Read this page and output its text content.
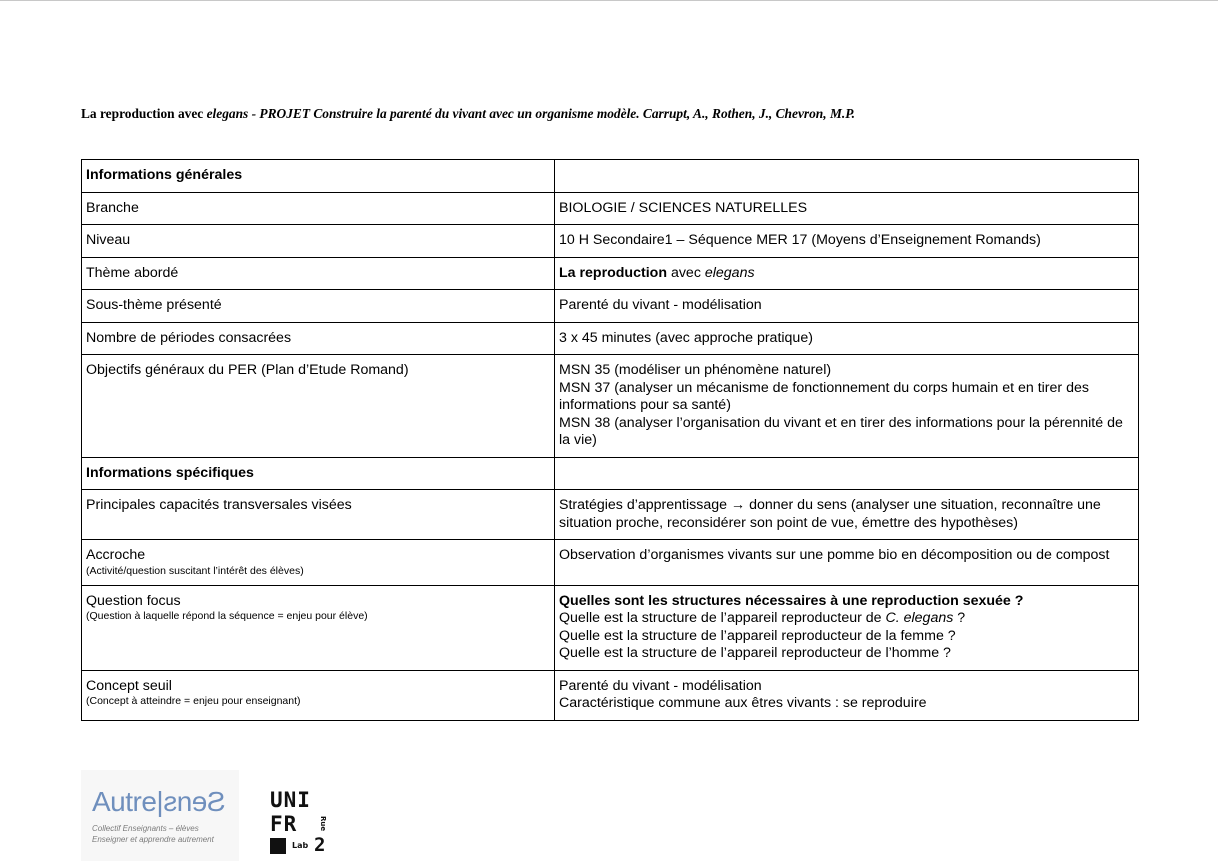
La reproduction avec elegans - PROJET Construire la parenté du vivant avec un organisme modèle. Carrupt, A., Rothen, J., Chevron, M.P.
Informations générales	
Branche	BIOLOGIE / SCIENCES NATURELLES
Niveau	10 H Secondaire1 – Séquence MER 17 (Moyens d’Enseignement Romands)
Thème abordé	La reproduction avec elegans
Sous-thème présenté	Parenté du vivant - modélisation
Nombre de périodes consacrées	3 x 45 minutes (avec approche pratique)
Objectifs généraux du PER (Plan d’Etude Romand)	MSN 35 (modéliser un phénomène naturel)
MSN 37 (analyser un mécanisme de fonctionnement du corps humain et en tirer des informations pour sa santé)
MSN 38 (analyser l’organisation du vivant et en tirer des informations pour la pérennité de la vie)

Informations spécifiques	
Principales capacités transversales visées	Stratégies d’apprentissage → donner du sens (analyser une situation, reconnaître une situation proche, reconsidérer son point de vue, émettre des hypothèses)

Accroche
(Activité/question suscitant l’intérêt des élèves)	Observation d’organismes vivants sur une pomme bio en décomposition ou de compost

Question focus
(Question à laquelle répond la séquence = enjeu pour élève)	Quelles sont les structures nécessaires à une reproduction sexuée ?
Quelle est la structure de l’appareil reproducteur de C. elegans ?
Quelle est la structure de l’appareil reproducteur de la femme ?
Quelle est la structure de l’appareil reproducteur de l’homme ?

Concept seuil
(Concept à atteindre = enjeu pour enseignant)	Parenté du vivant - modélisation
Caractéristique commune aux êtres vivants : se reproduire
Autre|ƨnɘƧ
Collectif Enseignants – élèves
Enseigner et apprendre autrement
UNI
FR	Rue
Lab 2
